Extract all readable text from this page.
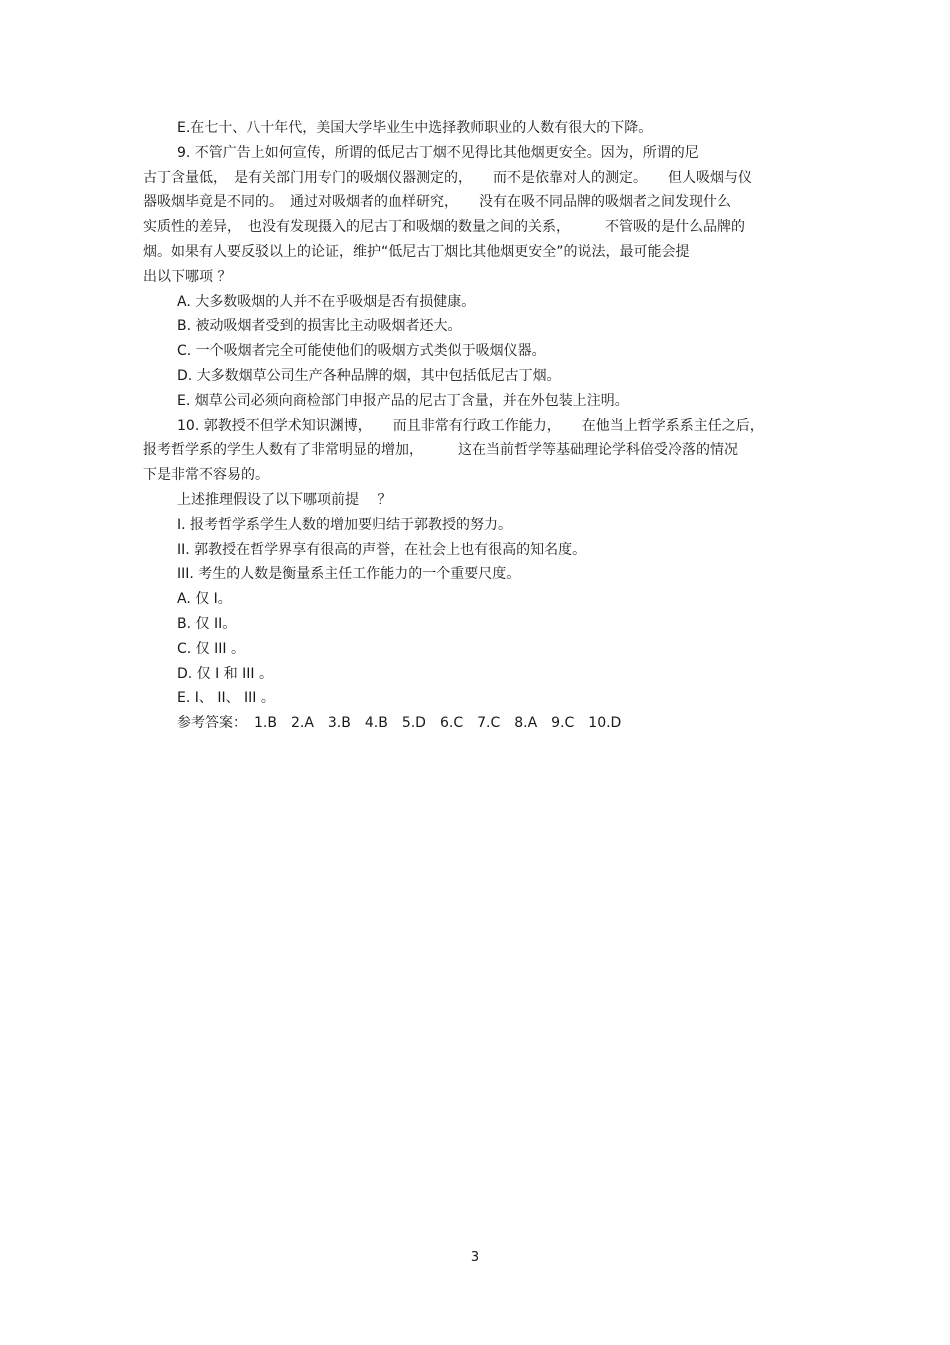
E.在七十、八十年代，美国大学毕业生中选择教师职业的人数有很大的下降。
9. 不管广告上如何宣传，所谓的低尼古丁烟不见得比其他烟更安全。因为，所谓的尼
古丁含量低，　是有关部门用专门的吸烟仪器测定的，　　而不是依靠对人的测定。　　但人吸烟与仪
器吸烟毕竟是不同的。　通过对吸烟者的血样研究，　　没有在吸不同品牌的吸烟者之间发现什么
实质性的差异，　也没有发现摄入的尼古丁和吸烟的数量之间的关系，　　　不管吸的是什么品牌的
烟。如果有人要反驳以上的论证，维护“低尼古丁烟比其他烟更安全”的说法，最可能会提
出以下哪项 ？
A. 大多数吸烟的人并不在乎吸烟是否有损健康。
B. 被动吸烟者受到的损害比主动吸烟者还大。
C. 一个吸烟者完全可能使他们的吸烟方式类似于吸烟仪器。
D. 大多数烟草公司生产各种品牌的烟，其中包括低尼古丁烟。
E. 烟草公司必须向商检部门申报产品的尼古丁含量，并在外包装上注明。
10. 郭教授不但学术知识渊博，　　而且非常有行政工作能力，　　在他当上哲学系系主任之后，
报考哲学系的学生人数有了非常明显的增加，　　　这在当前哲学等基础理论学科倍受冷落的情况
下是非常不容易的。
上述推理假设了以下哪项前提　 ？
I. 报考哲学系学生人数的增加要归结于郭教授的努力。
II. 郭教授在哲学界享有很高的声誉，在社会上也有很高的知名度。
III. 考生的人数是衡量系主任工作能力的一个重要尺度。
A. 仅 I。
B. 仅 II。
C. 仅 III 。
D. 仅 I 和 III 。
E. I、 II、 III 。
参考答案：　1.B　2.A　3.B　4.B　5.D　6.C　7.C　8.A　9.C　10.D
3
